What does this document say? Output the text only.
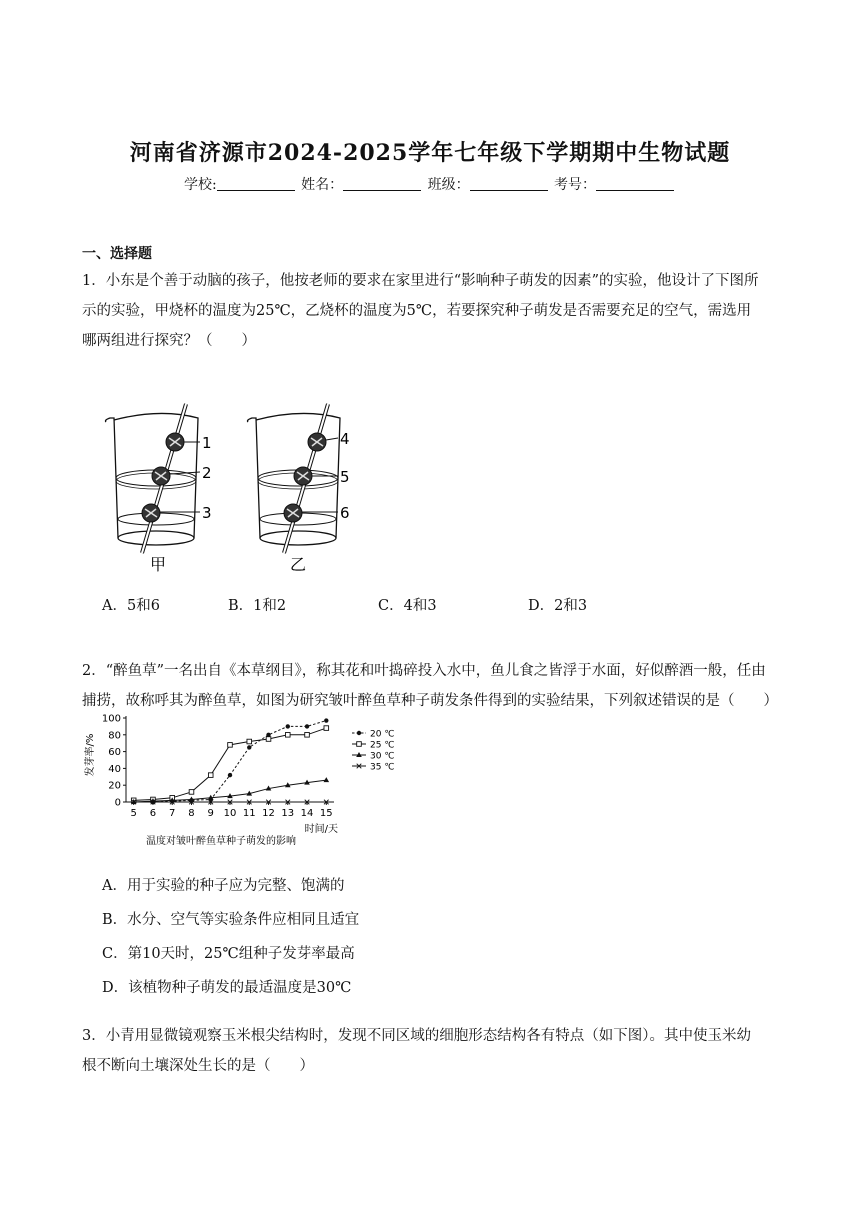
河南省济源市2024-2025学年七年级下学期期中生物试题
学校:	姓名：	班级：	考号：
一、选择题
1．小东是个善于动脑的孩子，他按老师的要求在家里进行“影响种子萌发的因素”的实验，他设计了下图所
示的实验，甲烧杯的温度为25℃，乙烧杯的温度为5℃，若要探究种子萌发是否需要充足的空气，需选用
哪两组进行探究？（　　）
1
2
3
甲
4
5
6
乙
A．5和6	B．1和2	C．4和3	D．2和3
2．“醉鱼草”一名出自《本草纲目》，称其花和叶捣碎投入水中，鱼儿食之皆浮于水面，好似醉酒一般，任由
捕捞，故称呼其为醉鱼草，如图为研究皱叶醉鱼草种子萌发条件得到的实验结果，下列叙述错误的是（　　）
0
20
40
60
80
100
5 6 7 8 9 10 11 12 13 14 15
20 ℃
25 ℃
30 ℃
35 ℃
发芽率/%
时间/天
温度对皱叶醉鱼草种子萌发的影响
A．用于实验的种子应为完整、饱满的
B．水分、空气等实验条件应相同且适宜
C．第10天时，25℃组种子发芽率最高
D．该植物种子萌发的最适温度是30℃
3．小青用显微镜观察玉米根尖结构时，发现不同区域的细胞形态结构各有特点（如下图）。其中使玉米幼
根不断向土壤深处生长的是（　　）
